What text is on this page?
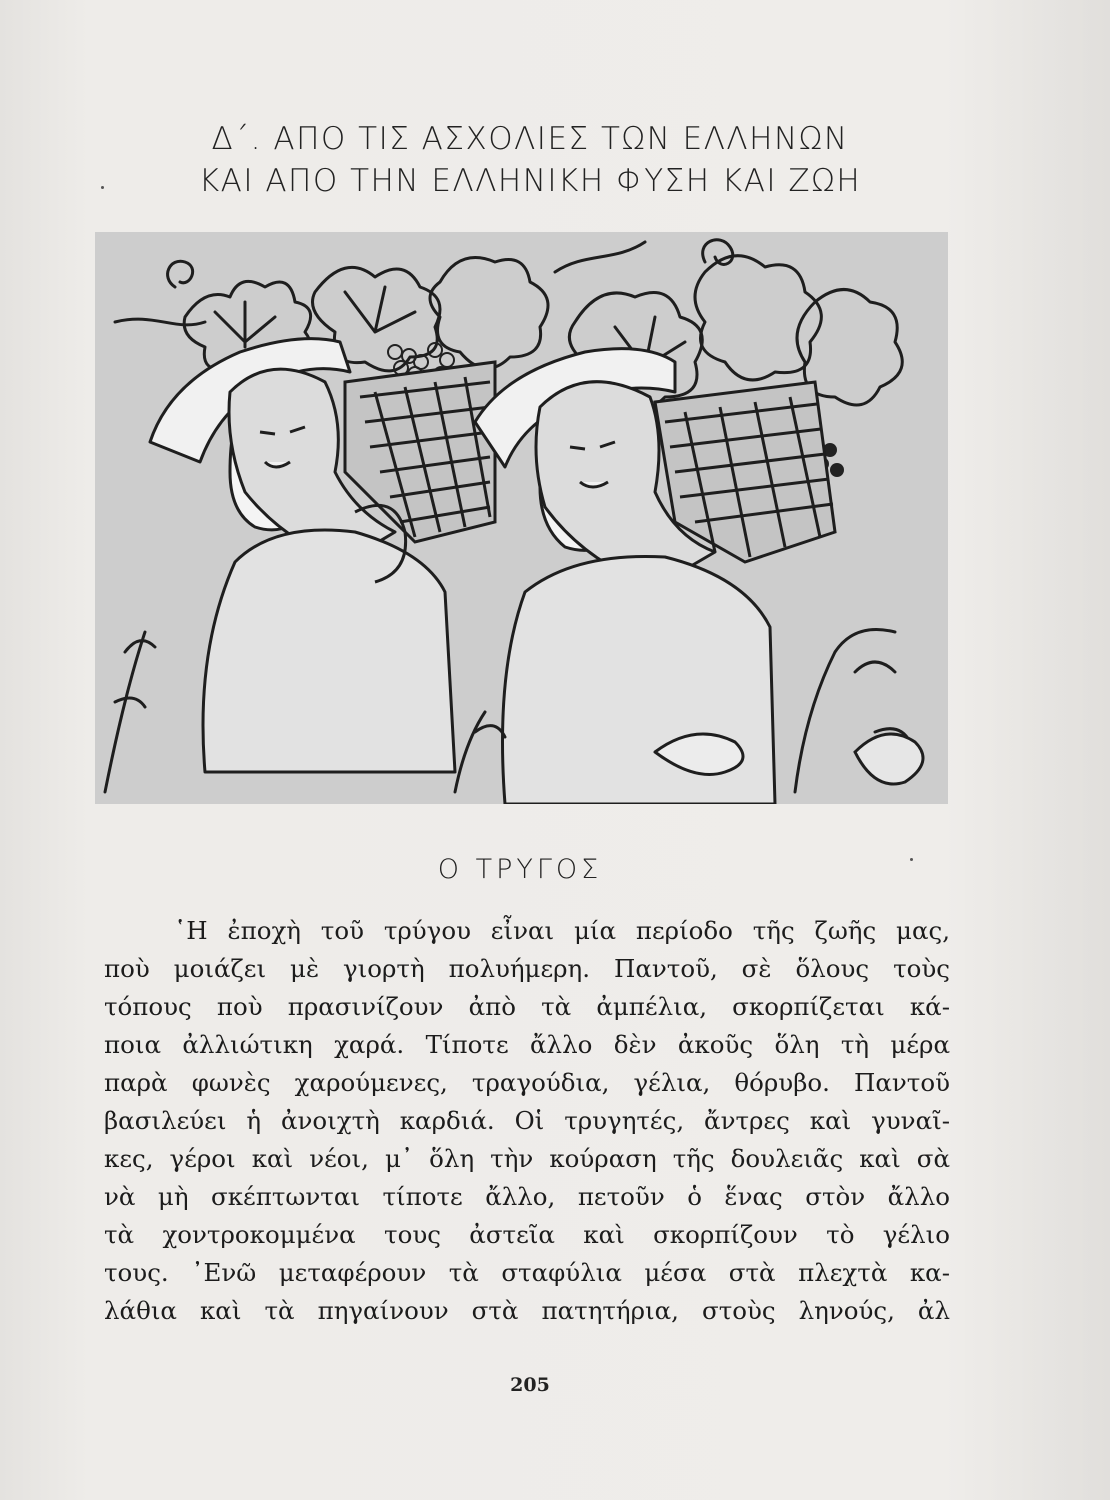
Δ΄. ΑΠΟ ΤΙΣ ΑΣΧΟΛΙΕΣ ΤΩΝ ΕΛΛΗΝΩΝ
ΚΑΙ ΑΠΟ ΤΗΝ ΕΛΛΗΝΙΚΗ ΦΥΣΗ ΚΑΙ ΖΩΗ
Ο ΤΡΥΓΟΣ
῾Η ἐποχὴ τοῦ τρύγου εἶναι μία περίοδο τῆς ζωῆς μας,
ποὺ μοιάζει μὲ γιορτὴ πολυήμερη. Παντοῦ, σὲ ὅλους τοὺς
τόπους ποὺ πρασινίζουν ἀπὸ τὰ ἀμπέλια, σκορπίζεται κά-
ποια ἀλλιώτικη χαρά. Τίποτε ἄλλο δὲν ἀκοῦς ὅλη τὴ μέρα
παρὰ φωνὲς χαρούμενες, τραγούδια, γέλια, θόρυβο. Παντοῦ
βασιλεύει ἡ ἀνοιχτὴ καρδιά. Οἱ τρυγητές, ἄντρες καὶ γυναῖ-
κες, γέροι καὶ νέοι, μ᾿ ὅλη τὴν κούραση τῆς δουλειᾶς καὶ σὰ
νὰ μὴ σκέπτωνται τίποτε ἄλλο, πετοῦν ὁ ἕνας στὸν ἄλλο
τὰ χοντροκομμένα τους ἀστεῖα καὶ σκορπίζουν τὸ γέλιο
τους. ᾿Ενῶ μεταφέρουν τὰ σταφύλια μέσα στὰ πλεχτὰ κα-
λάθια καὶ τὰ πηγαίνουν στὰ πατητήρια, στοὺς ληνούς, ἀλ
205
